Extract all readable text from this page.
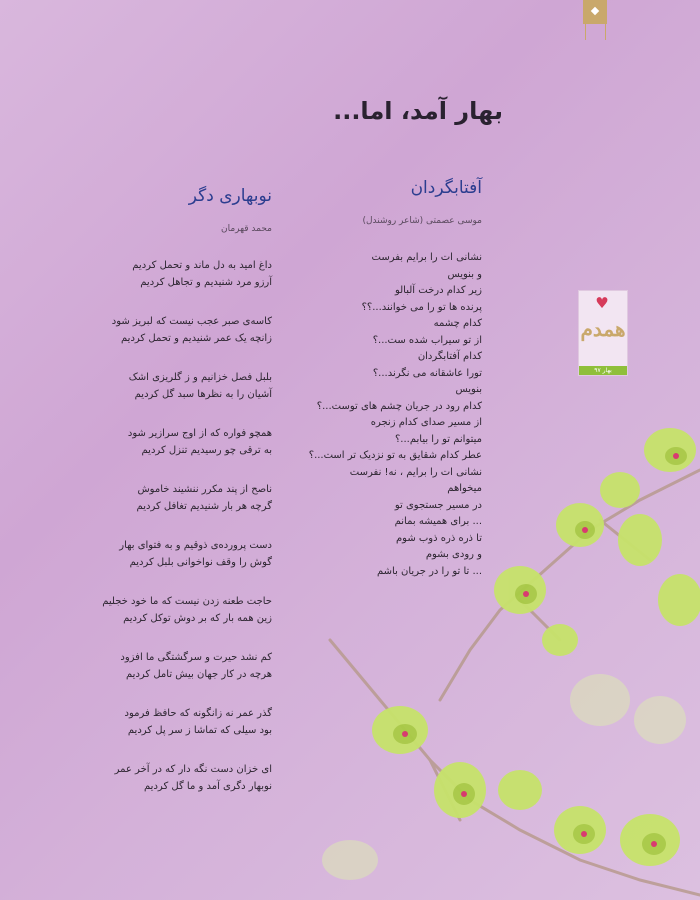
بهار آمد، اما...
آفتابگردان
موسی عصمتی (شاعر روشندل)
نشانی ات را برایم بفرست
و بنویس
زیر کدام درخت آلبالو
پرنده ها تو را می خوانند...؟؟
کدام چشمه
از تو سیراب شده ست...؟
کدام آفتابگردان
تورا عاشقانه می نگرند...؟
بنویس
کدام رود در جریان چشم های توست...؟
از مسیر صدای کدام زنجره
میتوانم تو را بیابم...؟
عطر کدام شقایق به تو نزدیک تر است...؟
نشانی ات را برایم ، نه! نفرست
میخواهم
در مسیر جستجوی تو
... برای همیشه بمانم
تا ذره ذره ذوب شوم
و رودی بشوم
... تا تو را در جریان باشم
نوبهاری دگر
محمد قهرمان
داغ امید به دل ماند و تحمل کردیم
آرزو مرد شنیدیم و تجاهل کردیم
کاسه‌ی صبر عجب نیست که لبریز شود
زانچه یک عمر شنیدیم و تحمل کردیم
بلبل فصل خزانیم و ز گلریزی اشک
آشیان را به نظرها سبد گل کردیم
همچو فواره که از اوج سرازیر شود
به ترقی چو رسیدیم تنزل کردیم
ناصح از پند مکرر ننشیند خاموش
گرچه هر بار شنیدیم تغافل کردیم
دست پرورده‌ی ذوقیم و به فتوای بهار
گوش را وقف نواخوانی بلبل کردیم
حاجت طعنه زدن نیست که ما خود خجلیم
زین همه بار که بر دوش توکل کردیم
کم نشد حیرت و سرگشتگی ما افزود
هرچه در کار جهان بیش تامل کردیم
گذر عمر نه زانگونه که حافظ فرمود
بود سیلی که تماشا ز سر پل کردیم
ای خزان دست نگه دار که در آخر عمر
نوبهار دگری آمد و ما گل کردیم
♥
همدم
بهار ۹۷
